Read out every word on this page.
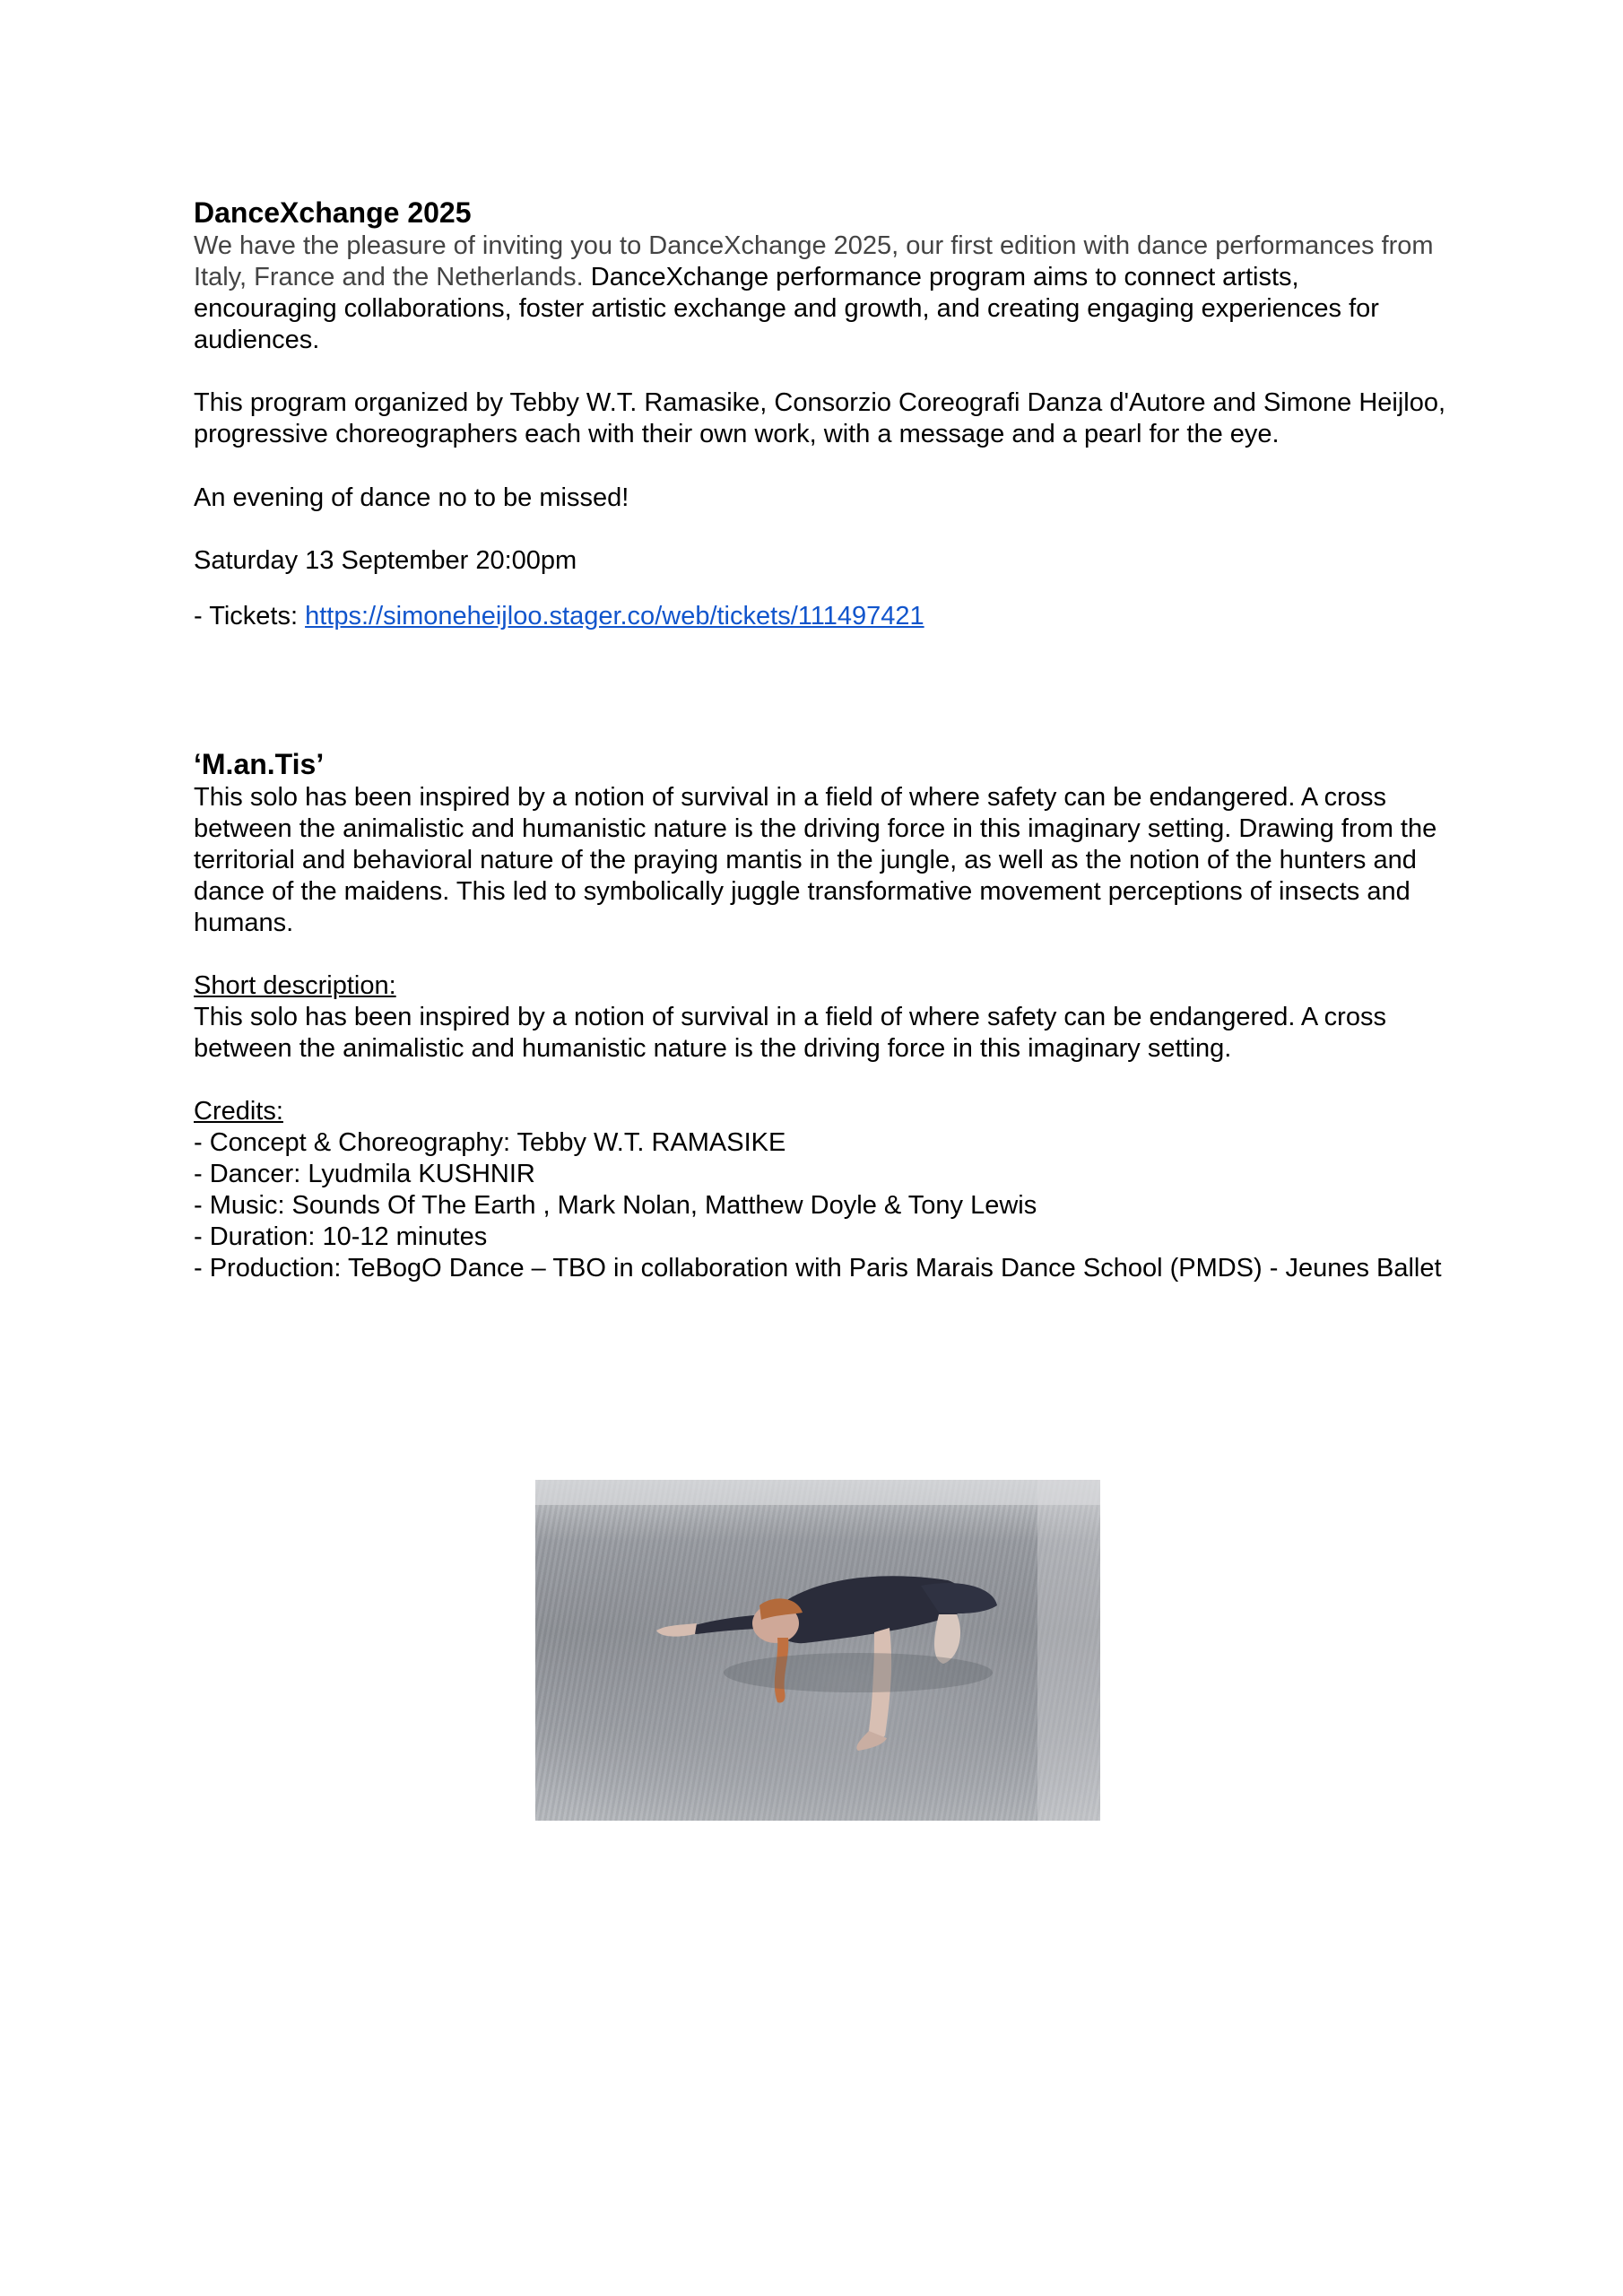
DanceXchange 2025

We have the pleasure of inviting you to DanceXchange 2025, our first edition with dance performances from Italy, France and the Netherlands. DanceXchange performance program aims to connect artists, encouraging collaborations, foster artistic exchange and growth, and creating engaging experiences for audiences.

This program organized by Tebby W.T. Ramasike, Consorzio Coreografi Danza d'Autore and Simone Heijloo, progressive choreographers each with their own work, with a message and a pearl for the eye.

An evening of dance no to be missed!

Saturday 13 September 20:00pm

- Tickets: https://simoneheijloo.stager.co/web/tickets/111497421

‘M.an.Tis’

This solo has been inspired by a notion of survival in a field of where safety can be endangered. A cross between the animalistic and humanistic nature is the driving force in this imaginary setting. Drawing from the territorial and behavioral nature of the praying mantis in the jungle, as well as the notion of the hunters and dance of the maidens. This led to symbolically juggle transformative movement perceptions of insects and humans.

Short description:

This solo has been inspired by a notion of survival in a field of where safety can be endangered. A cross between the animalistic and humanistic nature is the driving force in this imaginary setting.

Credits:

- Concept & Choreography: Tebby W.T. RAMASIKE
- Dancer: Lyudmila KUSHNIR
- Music: Sounds Of The Earth , Mark Nolan, Matthew Doyle & Tony Lewis
- Duration: 10-12 minutes
- Production: TeBogO Dance – TBO in collaboration with Paris Marais Dance School (PMDS) - Jeunes Ballet
